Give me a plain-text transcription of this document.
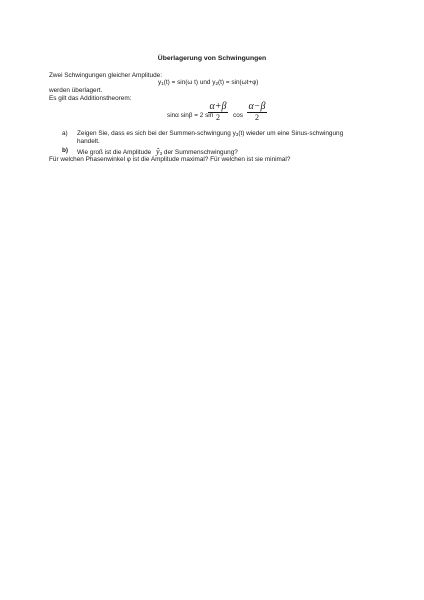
Überlagerung von Schwingungen
Zwei Schwingungen gleicher Amplitude:
$y_1(t) = \sin(\omega$ t) und $y_2(t) = \sin(\omega t+\varphi)$
werden überlagert.
Es gilt das Additionstheorem:
sinα sinβ = 2 sin
α+β
2	cos
α−β
2
a) Zeigen Sie, dass es sich bei der Summen-schwingung $y_3(t)$ wieder um eine Sinus-schwingung
handelt.
b) Wie groß ist die Amplitude $ŷ_3$ der Summenschwingung?
Für welchen Phasenwinkel φ ist die Amplitude maximal? Für welchen ist sie minimal?
